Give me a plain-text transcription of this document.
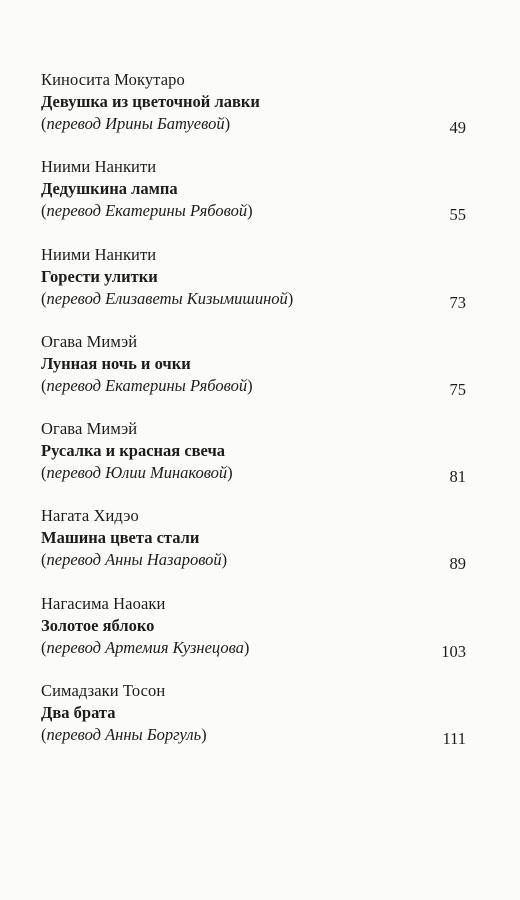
Киносита Мокутаро
Девушка из цветочной лавки
(перевод Ирины Батуевой)	49
Ниими Нанкити
Дедушкина лампа
(перевод Екатерины Рябовой)	55
Ниими Нанкити
Горести улитки
(перевод Елизаветы Кизымишиной)	73
Огава Мимэй
Лунная ночь и очки
(перевод Екатерины Рябовой)	75
Огава Мимэй
Русалка и красная свеча
(перевод Юлии Минаковой)	81
Нагата Хидэо
Машина цвета стали
(перевод Анны Назаровой)	89
Нагасима Наоаки
Золотое яблоко
(перевод Артемия Кузнецова)	103
Симадзаки Тосон
Два брата
(перевод Анны Боргуль)	111
